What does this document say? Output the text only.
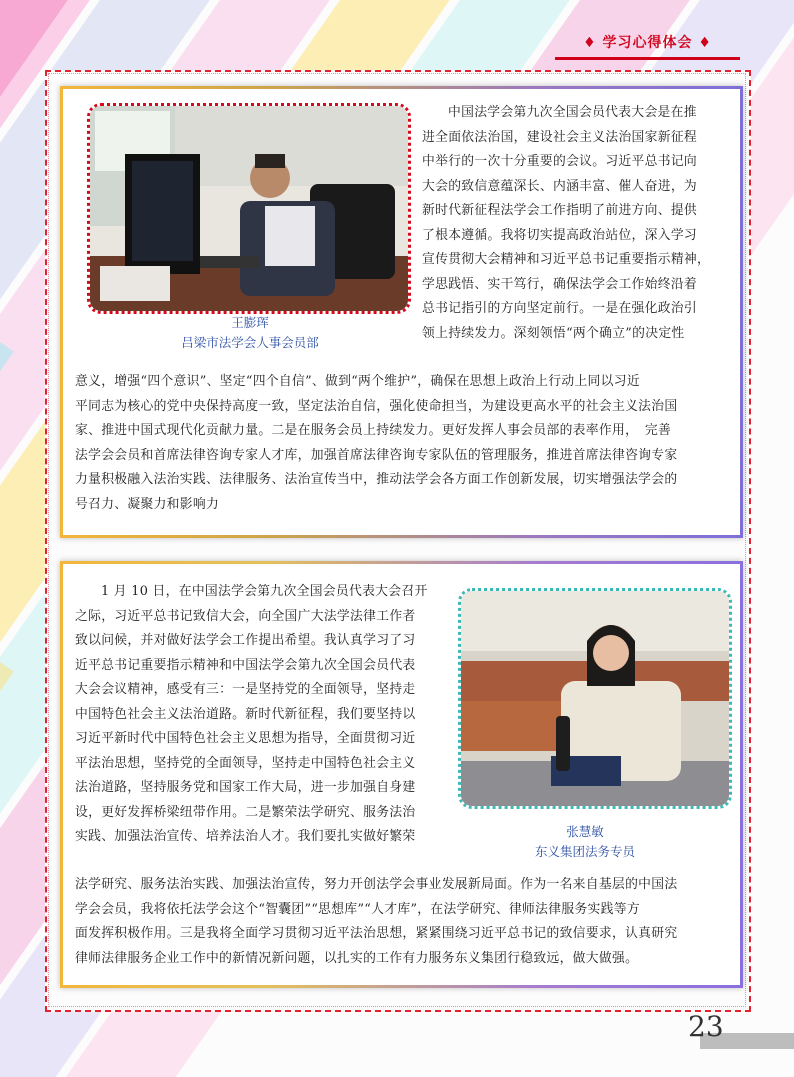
♦ 学习心得体会 ♦
王膨珲
吕梁市法学会人事会员部
中国法学会第九次全国会员代表大会是在推
进全面依法治国，建设社会主义法治国家新征程
中举行的一次十分重要的会议。习近平总书记向
大会的致信意蕴深长、内涵丰富、催人奋进，为
新时代新征程法学会工作指明了前进方向、提供
了根本遵循。我将切实提高政治站位，深入学习
宣传贯彻大会精神和习近平总书记重要指示精神，
学思践悟、实干笃行，确保法学会工作始终沿着
总书记指引的方向坚定前行。一是在强化政治引
领上持续发力。深刻领悟“两个确立”的决定性
意义，增强“四个意识”、坚定“四个自信”、做到“两个维护”，确保在思想上政治上行动上同以习近
平同志为核心的党中央保持高度一致，坚定法治自信，强化使命担当，为建设更高水平的社会主义法治国
家、推进中国式现代化贡献力量。二是在服务会员上持续发力。更好发挥人事会员部的表率作用，　完善
法学会会员和首席法律咨询专家人才库，加强首席法律咨询专家队伍的管理服务，推进首席法律咨询专家
力量积极融入法治实践、法律服务、法治宣传当中，推动法学会各方面工作创新发展，切实增强法学会的
号召力、凝聚力和影响力
1 月 10 日，在中国法学会第九次全国会员代表大会召开
之际，习近平总书记致信大会，向全国广大法学法律工作者
致以问候，并对做好法学会工作提出希望。我认真学习了习
近平总书记重要指示精神和中国法学会第九次全国会员代表
大会会议精神，感受有三：一是坚持党的全面领导，坚持走
中国特色社会主义法治道路。新时代新征程，我们要坚持以
习近平新时代中国特色社会主义思想为指导，全面贯彻习近
平法治思想，坚持党的全面领导，坚持走中国特色社会主义
法治道路，坚持服务党和国家工作大局，进一步加强自身建
设，更好发挥桥梁纽带作用。二是繁荣法学研究、服务法治
实践、加强法治宣传、培养法治人才。我们要扎实做好繁荣	张慧敏
东义集团法务专员
法学研究、服务法治实践、加强法治宣传，努力开创法学会事业发展新局面。作为一名来自基层的中国法
学会会员，我将依托法学会这个“智囊团”“思想库”“人才库”，在法学研究、律师法律服务实践等方
面发挥积极作用。三是我将全面学习贯彻习近平法治思想，紧紧围绕习近平总书记的致信要求，认真研究
律师法律服务企业工作中的新情况新问题，以扎实的工作有力服务东义集团行稳致远，做大做强。
23
